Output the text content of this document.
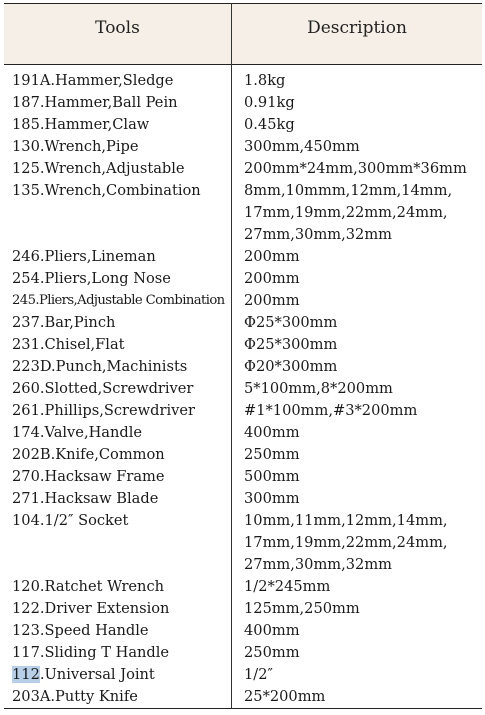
Tools	Description
191A.Hammer,Sledge	1.8kg
187.Hammer,Ball Pein	0.91kg
185.Hammer,Claw	0.45kg
130.Wrench,Pipe	300mm,450mm
125.Wrench,Adjustable	200mm*24mm,300mm*36mm
135.Wrench,Combination	8mm,10mmm,12mm,14mm,
17mm,19mm,22mm,24mm,
27mm,30mm,32mm
246.Pliers,Lineman	200mm
254.Pliers,Long Nose	200mm
245.Pliers,Adjustable Combination	200mm
237.Bar,Pinch	Φ25*300mm
231.Chisel,Flat	Φ25*300mm
223D.Punch,Machinists	Φ20*300mm
260.Slotted,Screwdriver	5*100mm,8*200mm
261.Phillips,Screwdriver	#1*100mm,#3*200mm
174.Valve,Handle	400mm
202B.Knife,Common	250mm
270.Hacksaw Frame	500mm
271.Hacksaw Blade	300mm
104.1/2″ Socket	10mm,11mm,12mm,14mm,
17mm,19mm,22mm,24mm,
27mm,30mm,32mm
120.Ratchet Wrench	1/2*245mm
122.Driver Extension	125mm,250mm
123.Speed Handle	400mm
117.Sliding T Handle	250mm
112.Universal Joint	1/2″
203A.Putty Knife	25*200mm
